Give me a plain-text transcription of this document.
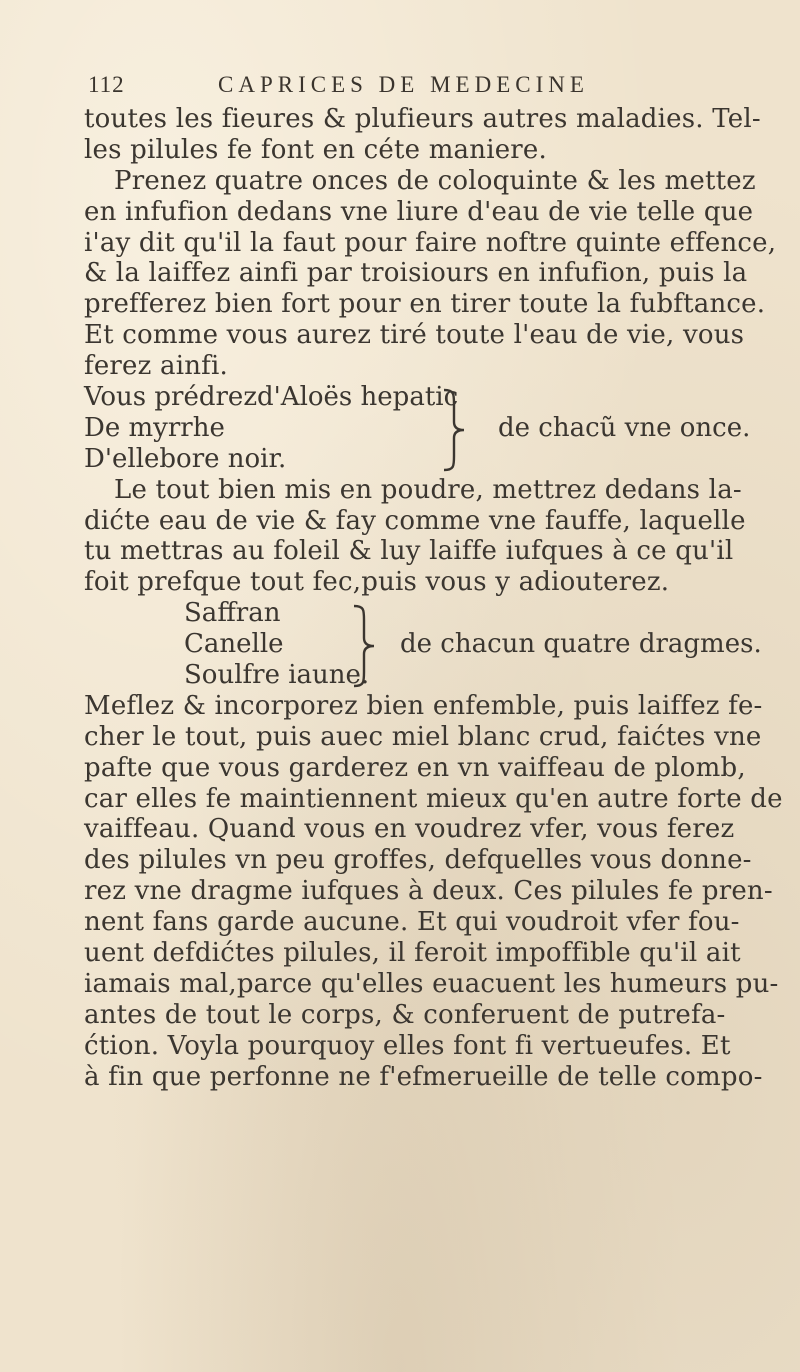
112	CAPRICES DE MEDECINE
toutes les fieures & plufieurs autres maladies. Tel-
les pilules fe font en céte maniere.
Prenez quatre onces de coloquinte & les mettez
en infufion dedans vne liure d'eau de vie telle que
i'ay dit qu'il la faut pour faire noftre quinte effence,
& la laiffez ainfi par troisiours en infufion, puis la
prefferez bien fort pour en tirer toute la fubftance.
Et comme vous aurez tiré toute l'eau de vie, vous
ferez ainfi.
Vous prédrezd'Aloës hepatic
De myrrhe
D'ellebore noir.
de chacũ vne once.
Le tout bien mis en poudre, mettrez dedans la-
dićte eau de vie & fay comme vne fauffe, laquelle
tu mettras au foleil & luy laiffe iufques à ce qu'il
foit prefque tout fec,puis vous y adiouterez.
Saffran
Canelle
Soulfre iaune.
de chacun quatre dragmes.
Meflez & incorporez bien enfemble, puis laiffez fe-
cher le tout, puis auec miel blanc crud, faićtes vne
pafte que vous garderez en vn vaiffeau de plomb,
car elles fe maintiennent mieux qu'en autre forte de
vaiffeau. Quand vous en voudrez vfer, vous ferez
des pilules vn peu groffes, defquelles vous donne-
rez vne dragme iufques à deux. Ces pilules fe pren-
nent fans garde aucune. Et qui voudroit vfer fou-
uent defdićtes pilules, il feroit impoffible qu'il ait
iamais mal,parce qu'elles euacuent les humeurs pu-
antes de tout le corps, & conferuent de putrefa-
ćtion. Voyla pourquoy elles font fi vertueufes. Et
à fin que perfonne ne f'efmerueille de telle compo-
